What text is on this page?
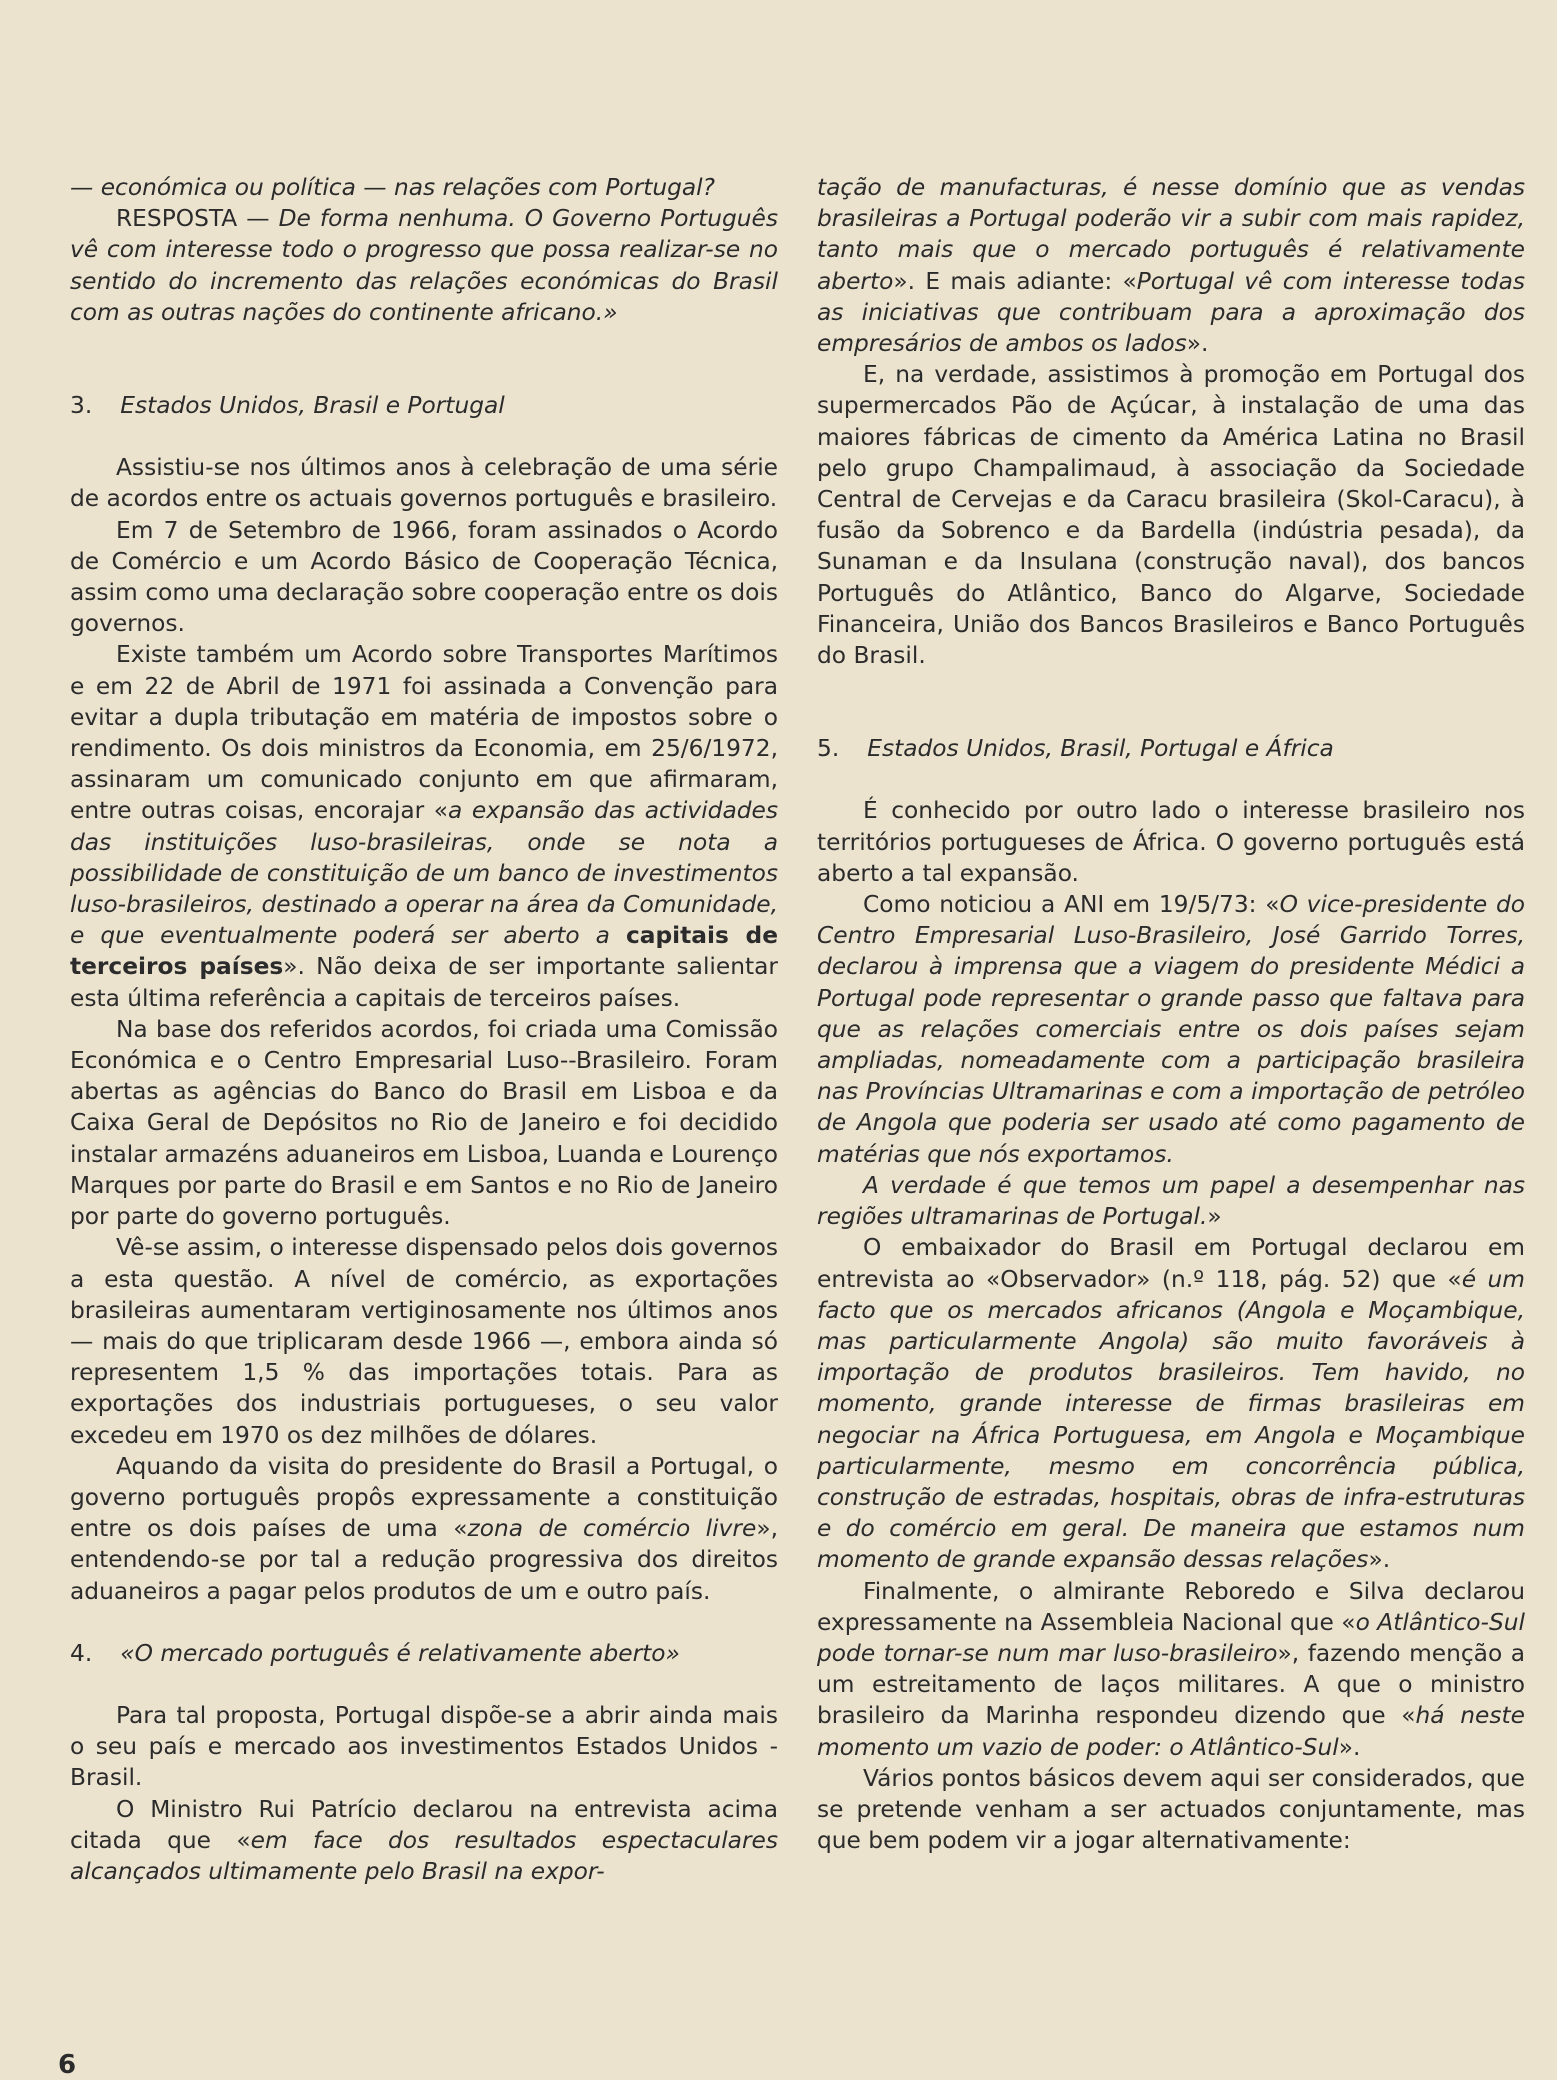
— económica ou política — nas relações com Portugal?

RESPOSTA — De forma nenhuma. O Governo Português vê com interesse todo o progresso que possa realizar-se no sentido do incremento das relações económicas do Brasil com as outras nações do continente africano.»

3. Estados Unidos, Brasil e Portugal

Assistiu-se nos últimos anos à celebração de uma série de acordos entre os actuais governos português e brasileiro.

Em 7 de Setembro de 1966, foram assinados o Acordo de Comércio e um Acordo Básico de Cooperação Técnica, assim como uma declaração sobre cooperação entre os dois governos.

Existe também um Acordo sobre Transportes Marítimos e em 22 de Abril de 1971 foi assinada a Convenção para evitar a dupla tributação em matéria de impostos sobre o rendimento. Os dois ministros da Economia, em 25/6/1972, assinaram um comunicado conjunto em que afirmaram, entre outras coisas, encorajar «a expansão das actividades das instituições luso-brasileiras, onde se nota a possibilidade de constituição de um banco de investimentos luso-brasileiros, destinado a operar na área da Comunidade, e que eventualmente poderá ser aberto a capitais de terceiros países». Não deixa de ser importante salientar esta última referência a capitais de terceiros países.

Na base dos referidos acordos, foi criada uma Comissão Económica e o Centro Empresarial Luso--Brasileiro. Foram abertas as agências do Banco do Brasil em Lisboa e da Caixa Geral de Depósitos no Rio de Janeiro e foi decidido instalar armazéns aduaneiros em Lisboa, Luanda e Lourenço Marques por parte do Brasil e em Santos e no Rio de Janeiro por parte do governo português.

Vê-se assim, o interesse dispensado pelos dois governos a esta questão. A nível de comércio, as exportações brasileiras aumentaram vertiginosamente nos últimos anos — mais do que triplicaram desde 1966 —, embora ainda só representem 1,5 % das importações totais. Para as exportações dos industriais portugueses, o seu valor excedeu em 1970 os dez milhões de dólares.

Aquando da visita do presidente do Brasil a Portugal, o governo português propôs expressamente a constituição entre os dois países de uma «zona de comércio livre», entendendo-se por tal a redução progressiva dos direitos aduaneiros a pagar pelos produtos de um e outro país.

4. «O mercado português é relativamente aberto»

Para tal proposta, Portugal dispõe-se a abrir ainda mais o seu país e mercado aos investimentos Estados Unidos - Brasil.

O Ministro Rui Patrício declarou na entrevista acima citada que «em face dos resultados espectaculares alcançados ultimamente pelo Brasil na expor-

tação de manufacturas, é nesse domínio que as vendas brasileiras a Portugal poderão vir a subir com mais rapidez, tanto mais que o mercado português é relativamente aberto». E mais adiante: «Portugal vê com interesse todas as iniciativas que contribuam para a aproximação dos empresários de ambos os lados».

E, na verdade, assistimos à promoção em Portugal dos supermercados Pão de Açúcar, à instalação de uma das maiores fábricas de cimento da América Latina no Brasil pelo grupo Champalimaud, à associação da Sociedade Central de Cervejas e da Caracu brasileira (Skol-Caracu), à fusão da Sobrenco e da Bardella (indústria pesada), da Sunaman e da Insulana (construção naval), dos bancos Português do Atlântico, Banco do Algarve, Sociedade Financeira, União dos Bancos Brasileiros e Banco Português do Brasil.

5. Estados Unidos, Brasil, Portugal e África

É conhecido por outro lado o interesse brasileiro nos territórios portugueses de África. O governo português está aberto a tal expansão.

Como noticiou a ANI em 19/5/73: «O vice-presidente do Centro Empresarial Luso-Brasileiro, José Garrido Torres, declarou à imprensa que a viagem do presidente Médici a Portugal pode representar o grande passo que faltava para que as relações comerciais entre os dois países sejam ampliadas, nomeadamente com a participação brasileira nas Províncias Ultramarinas e com a importação de petróleo de Angola que poderia ser usado até como pagamento de matérias que nós exportamos.

A verdade é que temos um papel a desempenhar nas regiões ultramarinas de Portugal.»

O embaixador do Brasil em Portugal declarou em entrevista ao «Observador» (n.º 118, pág. 52) que «é um facto que os mercados africanos (Angola e Moçambique, mas particularmente Angola) são muito favoráveis à importação de produtos brasileiros. Tem havido, no momento, grande interesse de firmas brasileiras em negociar na África Portuguesa, em Angola e Moçambique particularmente, mesmo em concorrência pública, construção de estradas, hospitais, obras de infra-estruturas e do comércio em geral. De maneira que estamos num momento de grande expansão dessas relações».

Finalmente, o almirante Reboredo e Silva declarou expressamente na Assembleia Nacional que «o Atlântico-Sul pode tornar-se num mar luso-brasileiro», fazendo menção a um estreitamento de laços militares. A que o ministro brasileiro da Marinha respondeu dizendo que «há neste momento um vazio de poder: o Atlântico-Sul».

Vários pontos básicos devem aqui ser considerados, que se pretende venham a ser actuados conjuntamente, mas que bem podem vir a jogar alternativamente:

6
